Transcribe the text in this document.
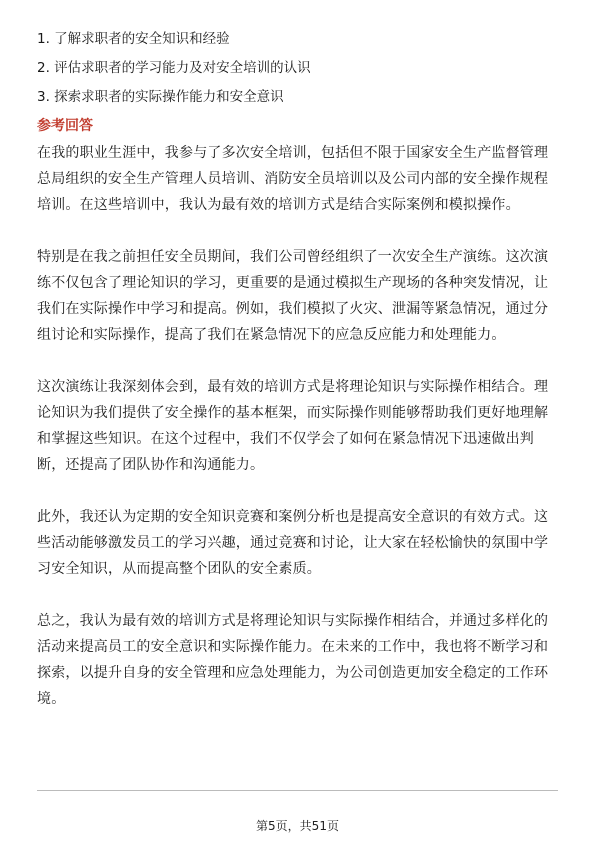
1. 了解求职者的安全知识和经验
2. 评估求职者的学习能力及对安全培训的认识
3. 探索求职者的实际操作能力和安全意识
参考回答

在我的职业生涯中，我参与了多次安全培训，包括但不限于国家安全生产监督管理总局组织的安全生产管理人员培训、消防安全员培训以及公司内部的安全操作规程培训。在这些培训中，我认为最有效的培训方式是结合实际案例和模拟操作。

特别是在我之前担任安全员期间，我们公司曾经组织了一次安全生产演练。这次演练不仅包含了理论知识的学习，更重要的是通过模拟生产现场的各种突发情况，让我们在实际操作中学习和提高。例如，我们模拟了火灾、泄漏等紧急情况，通过分组讨论和实际操作，提高了我们在紧急情况下的应急反应能力和处理能力。

这次演练让我深刻体会到，最有效的培训方式是将理论知识与实际操作相结合。理论知识为我们提供了安全操作的基本框架，而实际操作则能够帮助我们更好地理解和掌握这些知识。在这个过程中，我们不仅学会了如何在紧急情况下迅速做出判断，还提高了团队协作和沟通能力。

此外，我还认为定期的安全知识竞赛和案例分析也是提高安全意识的有效方式。这些活动能够激发员工的学习兴趣，通过竞赛和讨论，让大家在轻松愉快的氛围中学习安全知识，从而提高整个团队的安全素质。

总之，我认为最有效的培训方式是将理论知识与实际操作相结合，并通过多样化的活动来提高员工的安全意识和实际操作能力。在未来的工作中，我也将不断学习和探索，以提升自身的安全管理和应急处理能力，为公司创造更加安全稳定的工作环境。

第5页，共51页
